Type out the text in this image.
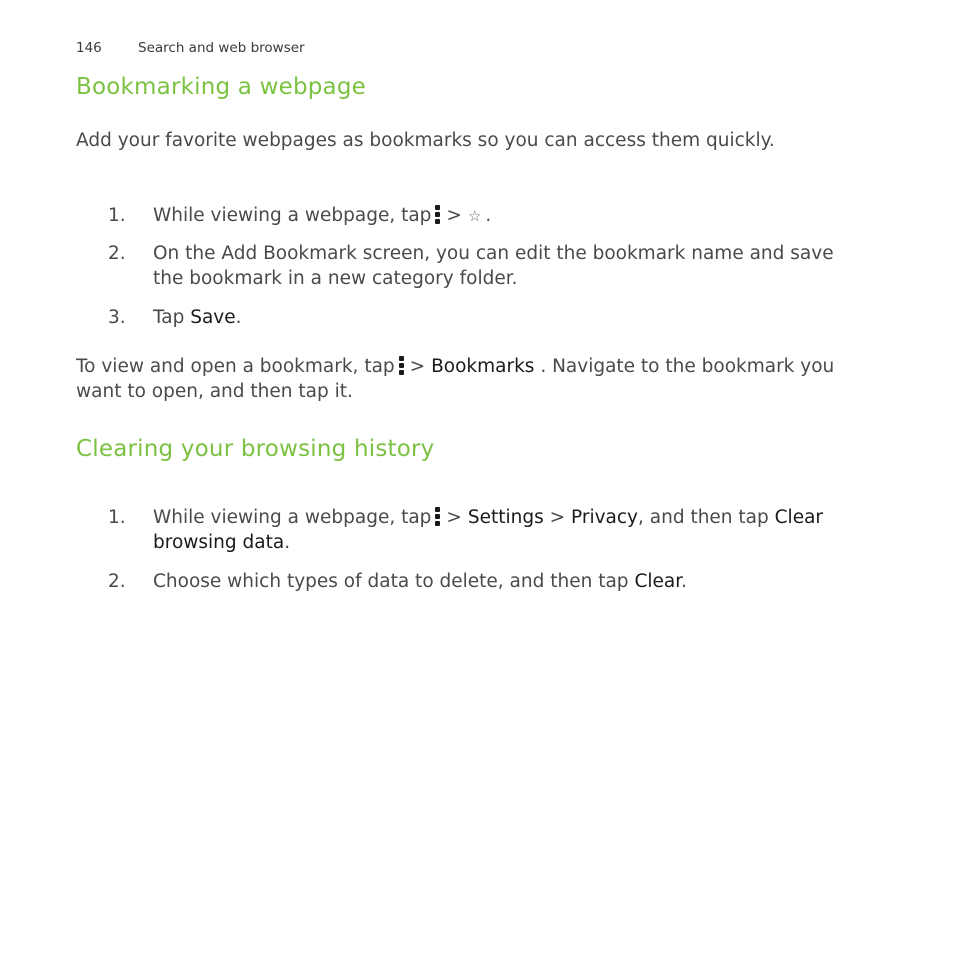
146	Search and web browser
Bookmarking a webpage

Add your favorite webpages as bookmarks so you can access them quickly.

1.	While viewing a webpage, tap > ☆ .
2.	On the Add Bookmark screen, you can edit the bookmark name and save the bookmark in a new category folder.
3.	Tap Save.

To view and open a bookmark, tap > Bookmarks . Navigate to the bookmark you want to open, and then tap it.

Clearing your browsing history
1.	While viewing a webpage, tap > Settings > Privacy, and then tap Clear browsing data.
2.	Choose which types of data to delete, and then tap Clear.
